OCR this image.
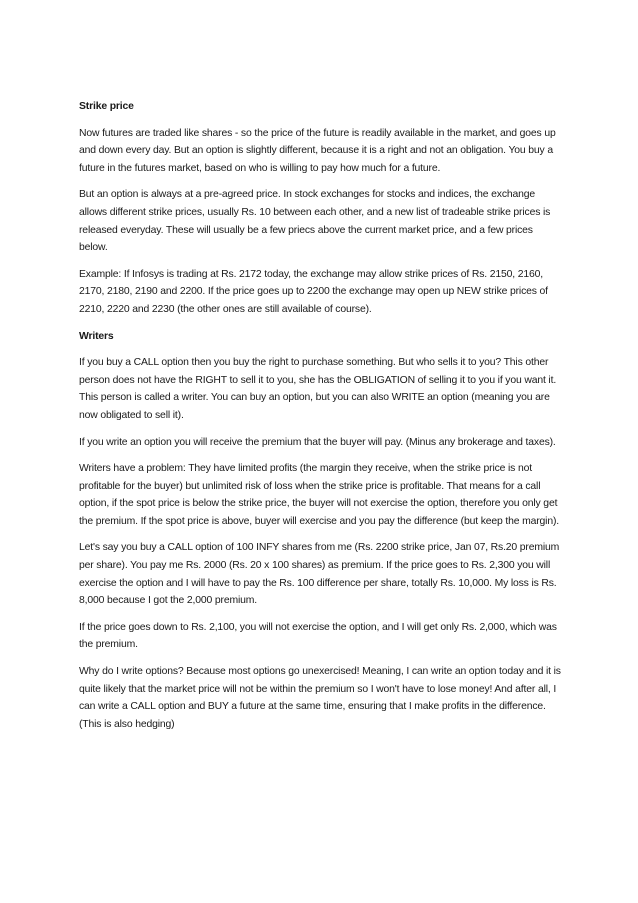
Strike price

Now futures are traded like shares - so the price of the future is readily available in the market, and goes up and down every day. But an option is slightly different, because it is a right and not an obligation. You buy a future in the futures market, based on who is willing to pay how much for a future.

But an option is always at a pre-agreed price. In stock exchanges for stocks and indices, the exchange allows different strike prices, usually Rs. 10 between each other, and a new list of tradeable strike prices is released everyday. These will usually be a few priecs above the current market price, and a few prices below.

Example: If Infosys is trading at Rs. 2172 today, the exchange may allow strike prices of Rs. 2150, 2160, 2170, 2180, 2190 and 2200. If the price goes up to 2200 the exchange may open up NEW strike prices of 2210, 2220 and 2230 (the other ones are still available of course).

Writers

If you buy a CALL option then you buy the right to purchase something. But who sells it to you? This other person does not have the RIGHT to sell it to you, she has the OBLIGATION of selling it to you if you want it. This person is called a writer. You can buy an option, but you can also WRITE an option (meaning you are now obligated to sell it).

If you write an option you will receive the premium that the buyer will pay. (Minus any brokerage and taxes).

Writers have a problem: They have limited profits (the margin they receive, when the strike price is not profitable for the buyer) but unlimited risk of loss when the strike price is profitable. That means for a call option, if the spot price is below the strike price, the buyer will not exercise the option, therefore you only get the premium. If the spot price is above, buyer will exercise and you pay the difference (but keep the margin).

Let's say you buy a CALL option of 100 INFY shares from me (Rs. 2200 strike price, Jan 07, Rs.20 premium per share). You pay me Rs. 2000 (Rs. 20 x 100 shares) as premium. If the price goes to Rs. 2,300 you will exercise the option and I will have to pay the Rs. 100 difference per share, totally Rs. 10,000. My loss is Rs. 8,000 because I got the 2,000 premium.

If the price goes down to Rs. 2,100, you will not exercise the option, and I will get only Rs. 2,000, which was the premium.

Why do I write options? Because most options go unexercised! Meaning, I can write an option today and it is quite likely that the market price will not be within the premium so I won't have to lose money! And after all, I can write a CALL option and BUY a future at the same time, ensuring that I make profits in the difference. (This is also hedging)
